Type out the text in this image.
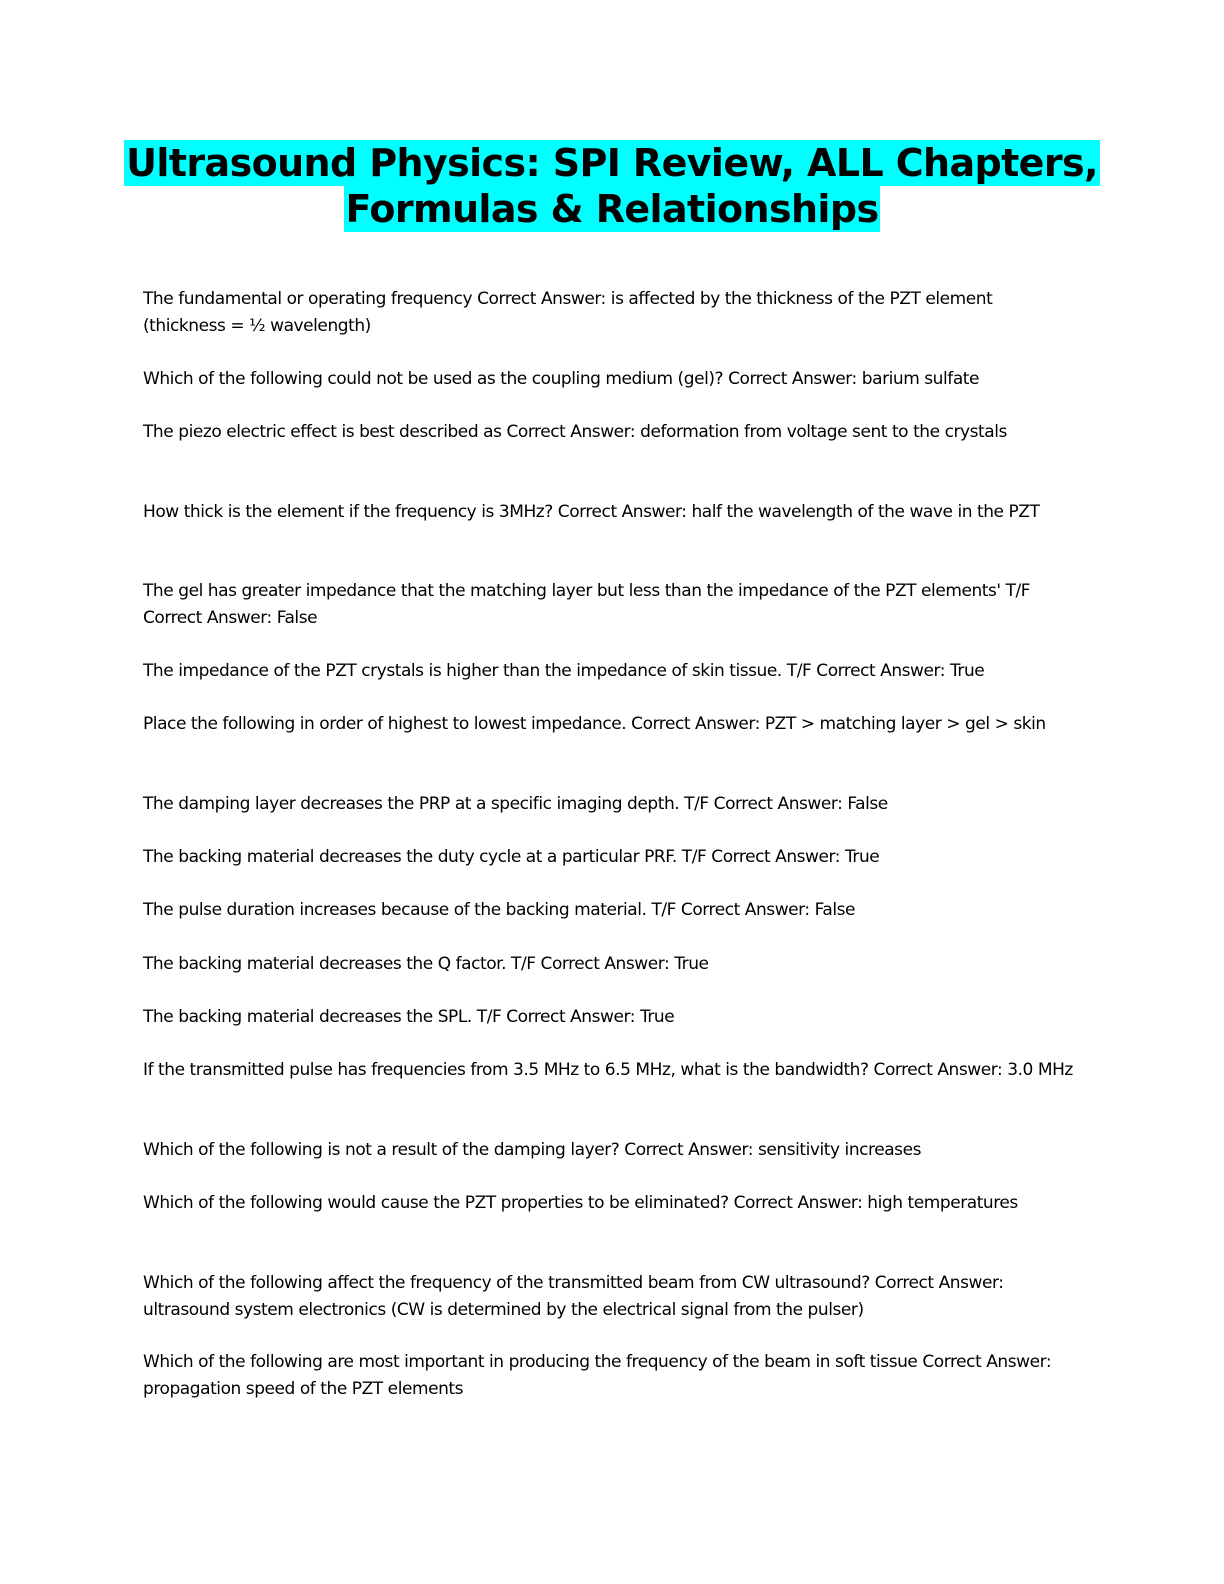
Ultrasound Physics: SPI Review, ALL Chapters,
Formulas & Relationships

The fundamental or operating frequency Correct Answer: is affected by the thickness of the PZT element (thickness = ½ wavelength)

Which of the following could not be used as the coupling medium (gel)? Correct Answer: barium sulfate

The piezo electric effect is best described as Correct Answer: deformation from voltage sent to the crystals

How thick is the element if the frequency is 3MHz? Correct Answer: half the wavelength of the wave in the PZT

The gel has greater impedance that the matching layer but less than the impedance of the PZT elements' T/F Correct Answer: False

The impedance of the PZT crystals is higher than the impedance of skin tissue. T/F Correct Answer: True

Place the following in order of highest to lowest impedance. Correct Answer: PZT > matching layer > gel > skin

The damping layer decreases the PRP at a specific imaging depth. T/F Correct Answer: False

The backing material decreases the duty cycle at a particular PRF. T/F Correct Answer: True

The pulse duration increases because of the backing material. T/F Correct Answer: False

The backing material decreases the Q factor. T/F Correct Answer: True

The backing material decreases the SPL. T/F Correct Answer: True

If the transmitted pulse has frequencies from 3.5 MHz to 6.5 MHz, what is the bandwidth? Correct Answer: 3.0 MHz

Which of the following is not a result of the damping layer? Correct Answer: sensitivity increases

Which of the following would cause the PZT properties to be eliminated? Correct Answer: high temperatures

Which of the following affect the frequency of the transmitted beam from CW ultrasound? Correct Answer: ultrasound system electronics (CW is determined by the electrical signal from the pulser)

Which of the following are most important in producing the frequency of the beam in soft tissue Correct Answer: propagation speed of the PZT elements
